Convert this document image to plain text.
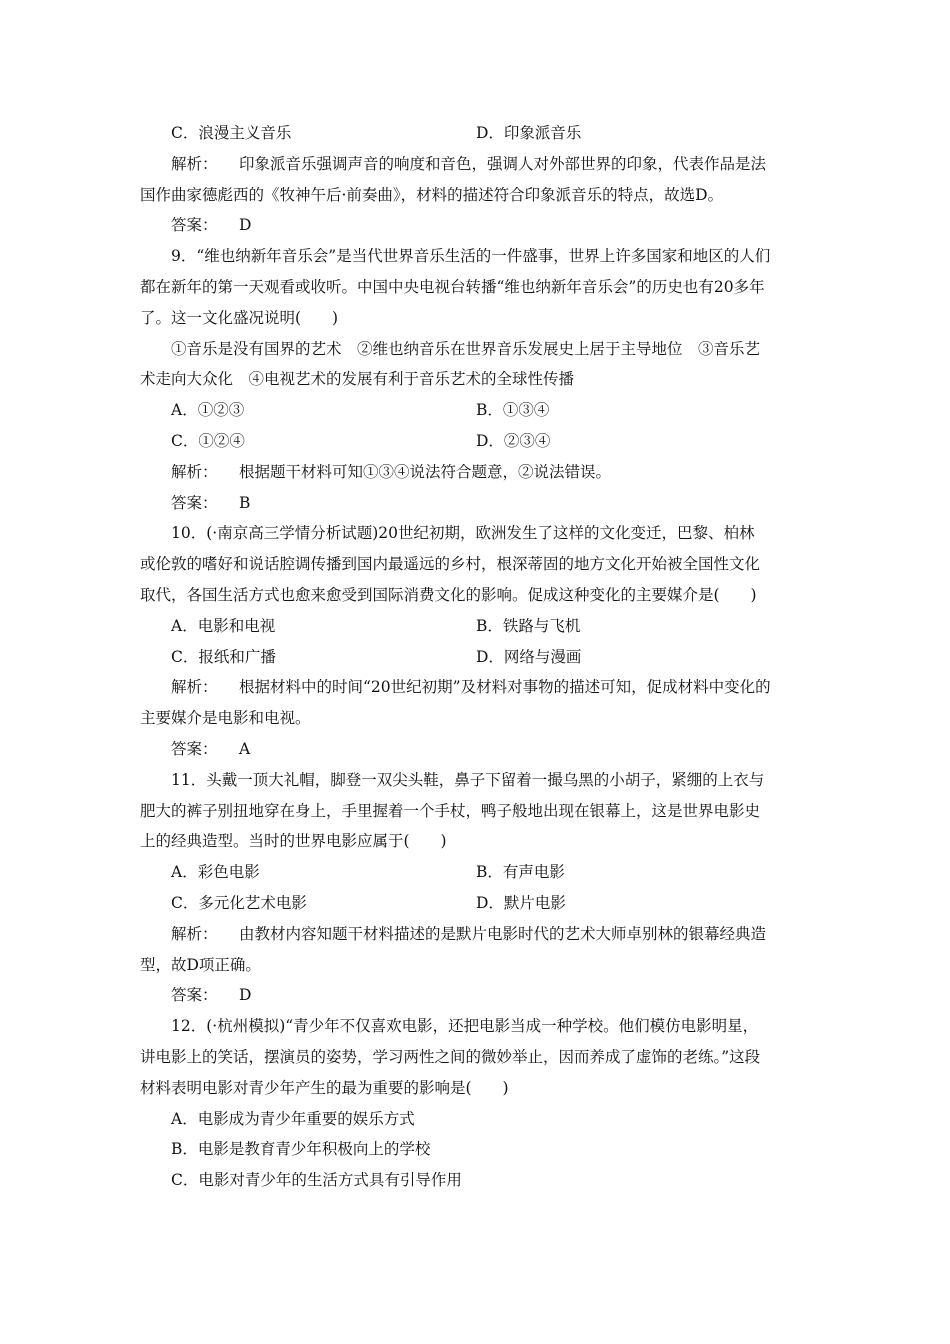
C．浪漫主义音乐	D．印象派音乐
解析： 印象派音乐强调声音的响度和音色，强调人对外部世界的印象，代表作品是法
国作曲家德彪西的《牧神午后·前奏曲》，材料的描述符合印象派音乐的特点，故选D。
答案： D
9．“维也纳新年音乐会”是当代世界音乐生活的一件盛事，世界上许多国家和地区的人们
都在新年的第一天观看或收听。中国中央电视台转播“维也纳新年音乐会”的历史也有20多年
了。这一文化盛况说明(　　)
①音乐是没有国界的艺术　②维也纳音乐在世界音乐发展史上居于主导地位　③音乐艺
术走向大众化　④电视艺术的发展有利于音乐艺术的全球性传播
A．①②③	B．①③④
C．①②④	D．②③④
解析： 根据题干材料可知①③④说法符合题意，②说法错误。
答案： B
10．(·南京高三学情分析试题)20世纪初期，欧洲发生了这样的文化变迁，巴黎、柏林
或伦敦的嗜好和说话腔调传播到国内最遥远的乡村，根深蒂固的地方文化开始被全国性文化
取代，各国生活方式也愈来愈受到国际消费文化的影响。促成这种变化的主要媒介是(　　)
A．电影和电视	B．铁路与飞机
C．报纸和广播	D．网络与漫画
解析： 根据材料中的时间“20世纪初期”及材料对事物的描述可知，促成材料中变化的
主要媒介是电影和电视。
答案： A
11．头戴一顶大礼帽，脚登一双尖头鞋，鼻子下留着一撮乌黑的小胡子，紧绷的上衣与
肥大的裤子别扭地穿在身上，手里握着一个手杖，鸭子般地出现在银幕上，这是世界电影史
上的经典造型。当时的世界电影应属于(　　)
A．彩色电影	B．有声电影
C．多元化艺术电影	D．默片电影
解析： 由教材内容知题干材料描述的是默片电影时代的艺术大师卓别林的银幕经典造
型，故D项正确。
答案： D
12．(·杭州模拟)“青少年不仅喜欢电影，还把电影当成一种学校。他们模仿电影明星，
讲电影上的笑话，摆演员的姿势，学习两性之间的微妙举止，因而养成了虚饰的老练。”这段
材料表明电影对青少年产生的最为重要的影响是(　　)
A．电影成为青少年重要的娱乐方式
B．电影是教育青少年积极向上的学校
C．电影对青少年的生活方式具有引导作用
